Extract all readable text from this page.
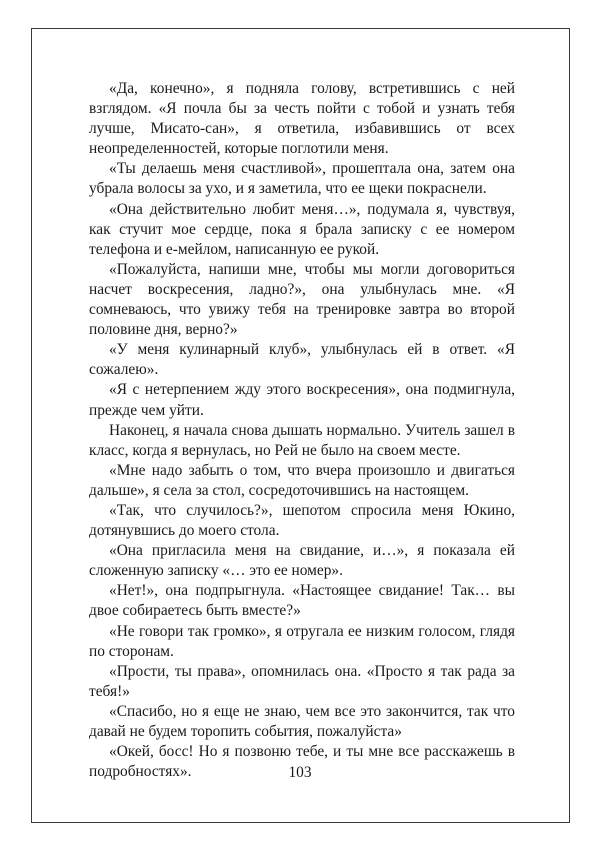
«Да, конечно», я подняла голову, встретившись с ней взглядом. «Я почла бы за честь пойти с тобой и узнать тебя лучше, Мисато-сан», я ответила, избавившись от всех неопределенностей, которые поглотили меня.

«Ты делаешь меня счастливой», прошептала она, затем она убрала волосы за ухо, и я заметила, что ее щеки покраснели.

«Она действительно любит меня…», подумала я, чувствуя, как стучит мое сердце, пока я брала записку с ее номером телефона и е-мейлом, написанную ее рукой.

«Пожалуйста, напиши мне, чтобы мы могли договориться насчет воскресения, ладно?», она улыбнулась мне. «Я сомневаюсь, что увижу тебя на тренировке завтра во второй половине дня, верно?»

«У меня кулинарный клуб», улыбнулась ей в ответ. «Я сожалею».

«Я с нетерпением жду этого воскресения», она подмигнула, прежде чем уйти.

Наконец, я начала снова дышать нормально. Учитель зашел в класс, когда я вернулась, но Рей не было на своем месте.

«Мне надо забыть о том, что вчера произошло и двигаться дальше», я села за стол, сосредоточившись на настоящем.

«Так, что случилось?», шепотом спросила меня Юкино, дотянувшись до моего стола.

«Она пригласила меня на свидание, и…», я показала ей сложенную записку «… это ее номер».

«Нет!», она подпрыгнула. «Настоящее свидание! Так… вы двое собираетесь быть вместе?»

«Не говори так громко», я отругала ее низким голосом, глядя по сторонам.

«Прости, ты права», опомнилась она. «Просто я так рада за тебя!»

«Спасибо, но я еще не знаю, чем все это закончится, так что давай не будем торопить события, пожалуйста»

«Окей, босс! Но я позвоню тебе, и ты мне все расскажешь в подробностях».	103
